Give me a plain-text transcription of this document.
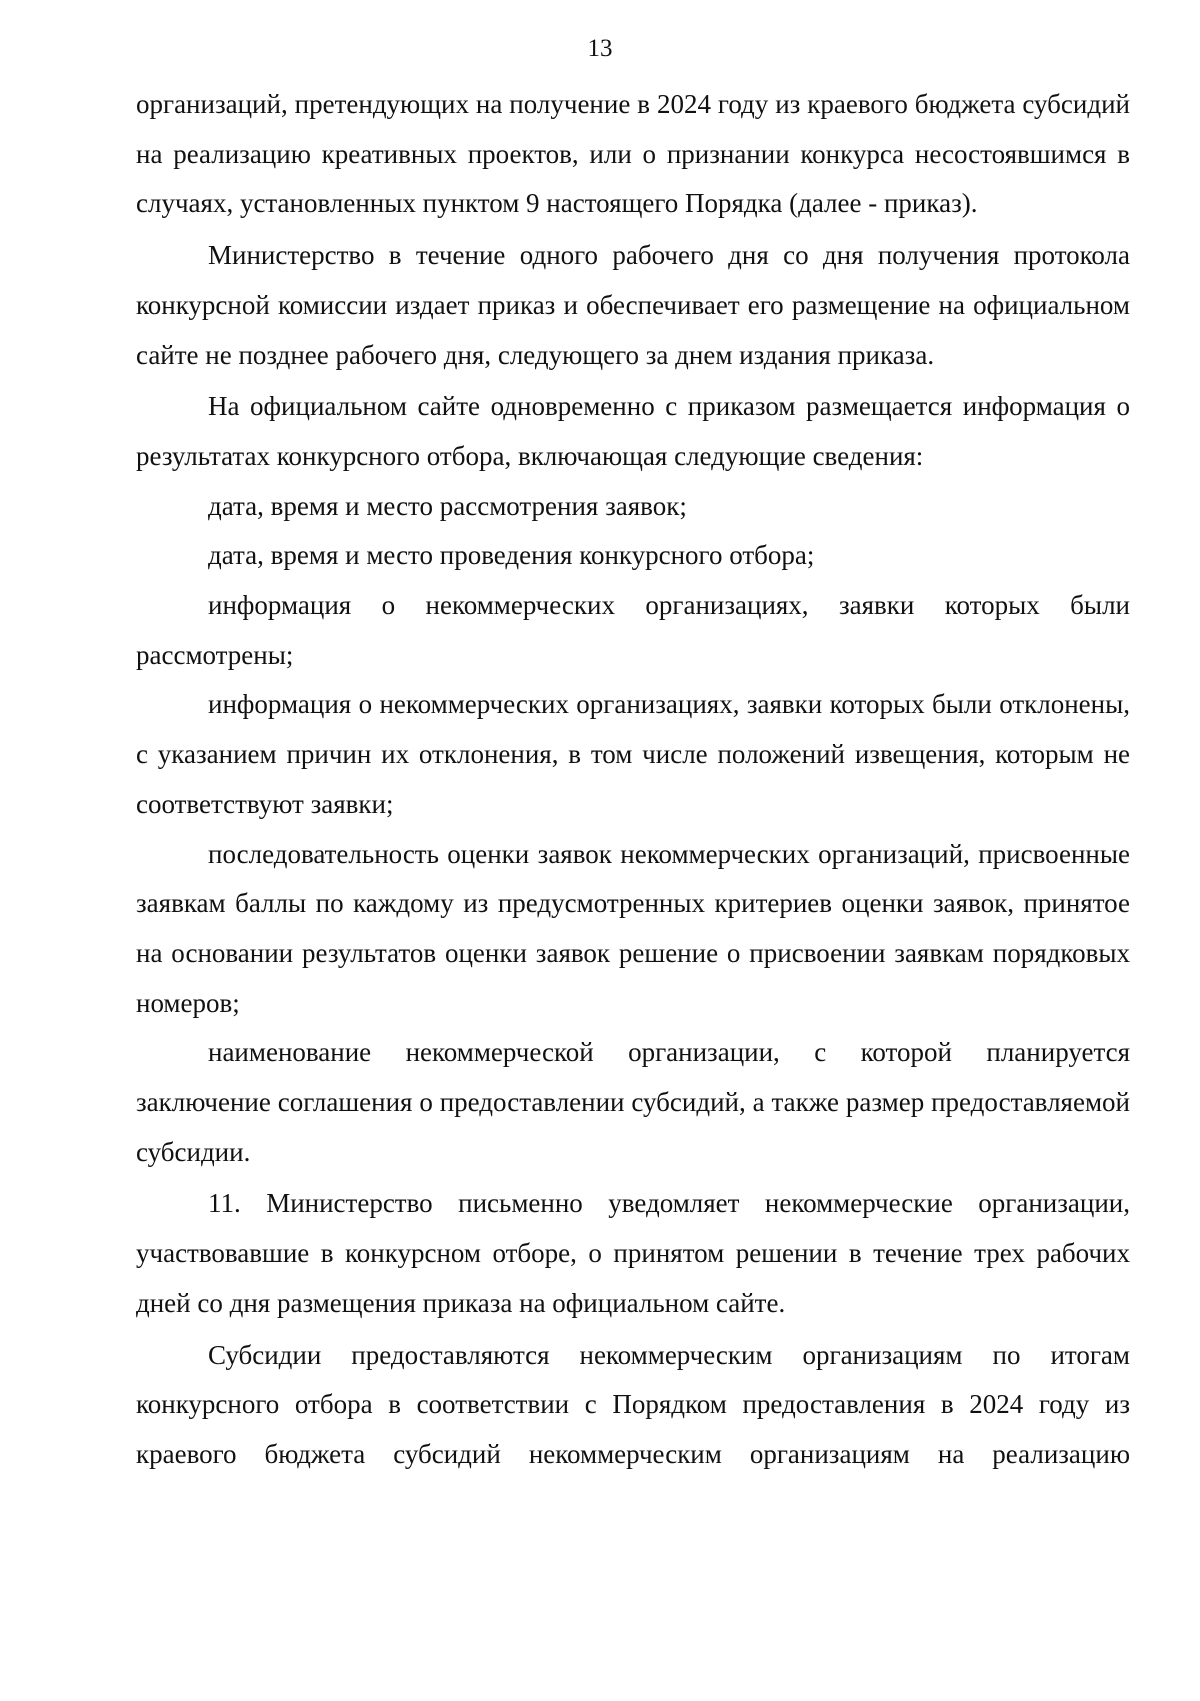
13

организаций, претендующих на получение в 2024 году из краевого бюджета субсидий на реализацию креативных проектов, или о признании конкурса несостоявшимся в случаях, установленных пунктом 9 настоящего Порядка (далее - приказ).

Министерство в течение одного рабочего дня со дня получения протокола конкурсной комиссии издает приказ и обеспечивает его размещение на официальном сайте не позднее рабочего дня, следующего за днем издания приказа.

На официальном сайте одновременно с приказом размещается информация о результатах конкурсного отбора, включающая следующие сведения:

дата, время и место рассмотрения заявок;

дата, время и место проведения конкурсного отбора;

информация о некоммерческих организациях, заявки которых были рассмотрены;

информация о некоммерческих организациях, заявки которых были отклонены, с указанием причин их отклонения, в том числе положений извещения, которым не соответствуют заявки;

последовательность оценки заявок некоммерческих организаций, присвоенные заявкам баллы по каждому из предусмотренных критериев оценки заявок, принятое на основании результатов оценки заявок решение о присвоении заявкам порядковых номеров;

наименование некоммерческой организации, с которой планируется заключение соглашения о предоставлении субсидий, а также размер предоставляемой субсидии.

11. Министерство письменно уведомляет некоммерческие организации, участвовавшие в конкурсном отборе, о принятом решении в течение трех рабочих дней со дня размещения приказа на официальном сайте.

Субсидии предоставляются некоммерческим организациям по итогам конкурсного отбора в соответствии с Порядком предоставления в 2024 году из краевого бюджета субсидий некоммерческим организациям на реализацию
